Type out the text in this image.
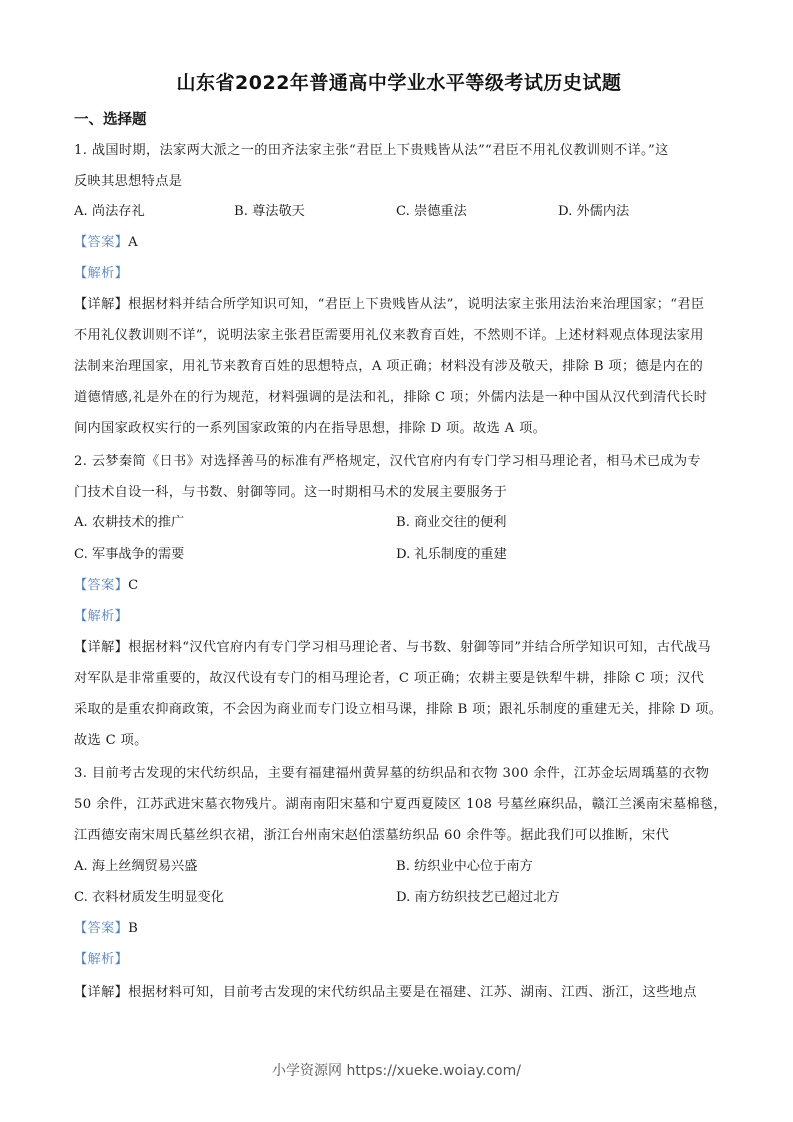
山东省2022年普通高中学业水平等级考试历史试题
一、选择题
1. 战国时期，法家两大派之一的田齐法家主张“君臣上下贵贱皆从法”“君臣不用礼仪教训则不详。”这
反映其思想特点是
A. 尚法存礼	B. 尊法敬天	C. 崇德重法	D. 外儒内法
【答案】A
【解析】
【详解】根据材料并结合所学知识可知，“君臣上下贵贱皆从法”，说明法家主张用法治来治理国家；“君臣
不用礼仪教训则不详”，说明法家主张君臣需要用礼仪来教育百姓，不然则不详。上述材料观点体现法家用
法制来治理国家，用礼节来教育百姓的思想特点，A 项正确；材料没有涉及敬天，排除 B 项；德是内在的
道德情感,礼是外在的行为规范，材料强调的是法和礼，排除 C 项；外儒内法是一种中国从汉代到清代长时
间内国家政权实行的一系列国家政策的内在指导思想，排除 D 项。故选 A 项。
2. 云梦秦简《日书》对选择善马的标准有严格规定，汉代官府内有专门学习相马理论者，相马术已成为专
门技术自设一科，与书数、射御等同。这一时期相马术的发展主要服务于
A. 农耕技术的推广	B. 商业交往的便利
C. 军事战争的需要	D. 礼乐制度的重建
【答案】C
【解析】
【详解】根据材料“汉代官府内有专门学习相马理论者、与书数、射御等同”并结合所学知识可知，古代战马
对军队是非常重要的，故汉代设有专门的相马理论者，C 项正确；农耕主要是铁犁牛耕，排除 C 项；汉代
采取的是重农抑商政策，不会因为商业而专门设立相马课，排除 B 项；跟礼乐制度的重建无关，排除 D 项。
故选 C 项。
3. 目前考古发现的宋代纺织品，主要有福建福州黄昇墓的纺织品和衣物 300 余件，江苏金坛周瑀墓的衣物
50 余件，江苏武进宋墓衣物残片。湖南南阳宋墓和宁夏西夏陵区 108 号墓丝麻织品，赣江兰溪南宋墓棉毯，
江西德安南宋周氏墓丝织衣裙，浙江台州南宋赵伯澐墓纺织品 60 余件等。据此我们可以推断，宋代
A. 海上丝绸贸易兴盛	B. 纺织业中心位于南方
C. 衣料材质发生明显变化	D. 南方纺织技艺已超过北方
【答案】B
【解析】
【详解】根据材料可知，目前考古发现的宋代纺织品主要是在福建、江苏、湖南、江西、浙江，这些地点
小学资源网 https://xueke.woiay.com/
